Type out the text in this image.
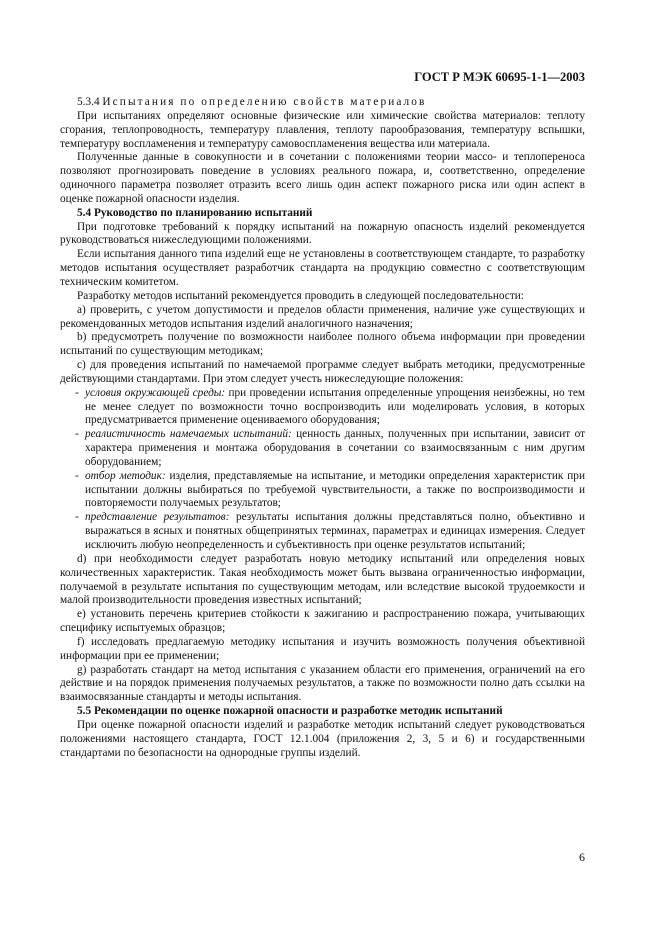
ГОСТ Р МЭК 60695-1-1—2003

5.3.4 Испытания по определению свойств материалов

При испытаниях определяют основные физические или химические свойства материалов: теплоту сгорания, теплопроводность, температуру плавления, теплоту парообразования, температуру вспышки, температуру воспламенения и температуру самовоспламенения вещества или материала.

Полученные данные в совокупности и в сочетании с положениями теории массо- и теплопереноса позволяют прогнозировать поведение в условиях реального пожара, и, соответственно, определение одиночного параметра позволяет отразить всего лишь один аспект пожарного риска или один аспект в оценке пожарной опасности изделия.

5.4 Руководство по планированию испытаний

При подготовке требований к порядку испытаний на пожарную опасность изделий рекомендуется руководствоваться нижеследующими положениями.

Если испытания данного типа изделий еще не установлены в соответствующем стандарте, то разработку методов испытания осуществляет разработчик стандарта на продукцию совместно с соответствующим техническим комитетом.

Разработку методов испытаний рекомендуется проводить в следующей последовательности:

a) проверить, с учетом допустимости и пределов области применения, наличие уже существующих и рекомендованных методов испытания изделий аналогичного назначения;

b) предусмотреть получение по возможности наиболее полного объема информации при проведении испытаний по существующим методикам;

c) для проведения испытаний по намечаемой программе следует выбрать методики, предусмотренные действующими стандартами. При этом следует учесть нижеследующие положения:

- условия окружающей среды: при проведении испытания определенные упрощения неизбежны, но тем не менее следует по возможности точно воспроизводить или моделировать условия, в которых предусматривается применение оцениваемого оборудования;
- реалистичность намечаемых испытаний: ценность данных, полученных при испытании, зависит от характера применения и монтажа оборудования в сочетании со взаимосвязанным с ним другим оборудованием;
- отбор методик: изделия, представляемые на испытание, и методики определения характеристик при испытании должны выбираться по требуемой чувствительности, а также по воспроизводимости и повторяемости получаемых результатов;
- представление результатов: результаты испытания должны представляться полно, объективно и выражаться в ясных и понятных общепринятых терминах, параметрах и единицах измерения. Следует исключить любую неопределенность и субъективность при оценке результатов испытаний;

d) при необходимости следует разработать новую методику испытаний или определения новых количественных характеристик. Такая необходимость может быть вызвана ограниченностью информации, получаемой в результате испытания по существующим методам, или вследствие высокой трудоемкости и малой производительности проведения известных испытаний;

e) установить перечень критериев стойкости к зажиганию и распространению пожара, учитывающих специфику испытуемых образцов;

f) исследовать предлагаемую методику испытания и изучить возможность получения объективной информации при ее применении;

g) разработать стандарт на метод испытания с указанием области его применения, ограничений на его действие и на порядок применения получаемых результатов, а также по возможности полно дать ссылки на взаимосвязанные стандарты и методы испытания.

5.5 Рекомендации по оценке пожарной опасности и разработке методик испытаний

При оценке пожарной опасности изделий и разработке методик испытаний следует руководствоваться положениями настоящего стандарта, ГОСТ 12.1.004 (приложения 2, 3, 5 и 6) и государственными стандартами по безопасности на однородные группы изделий.

6
